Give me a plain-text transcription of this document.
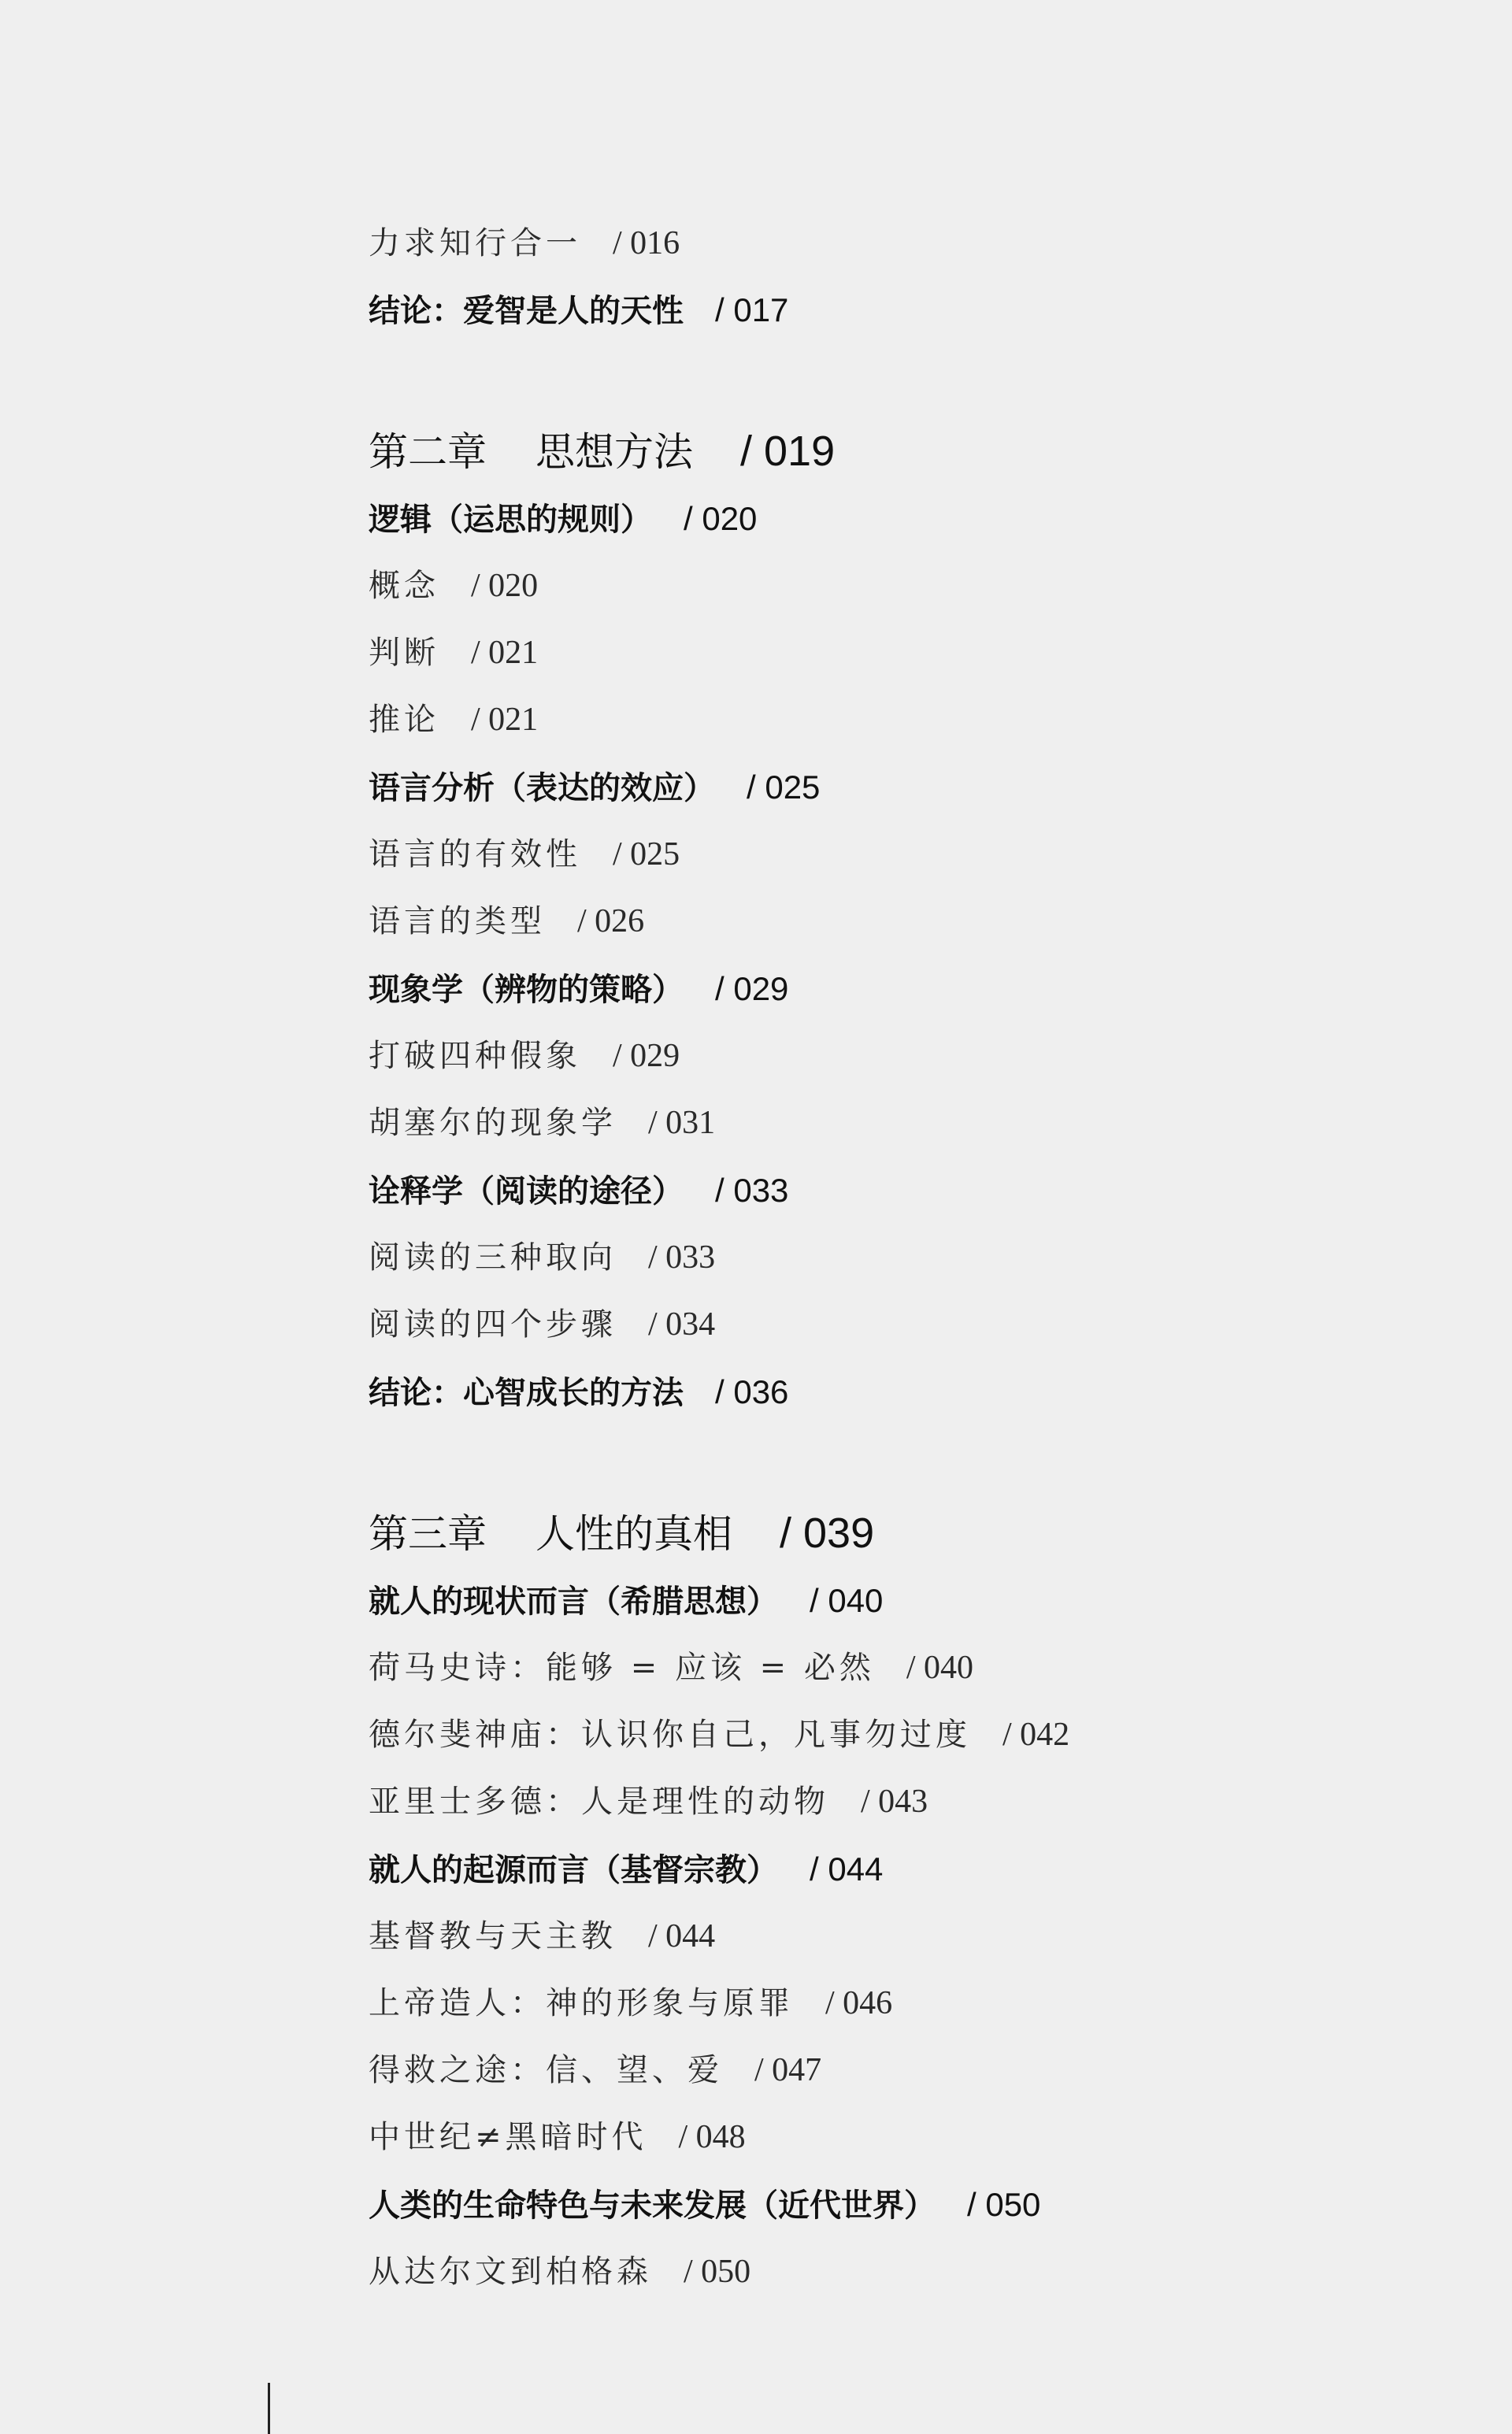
力求知行合一 / 016
结论：爱智是人的天性 / 017
第二章 思想方法 / 019
逻辑（运思的规则） / 020
概念 / 020
判断 / 021
推论 / 021
语言分析（表达的效应） / 025
语言的有效性 / 025
语言的类型 / 026
现象学（辨物的策略） / 029
打破四种假象 / 029
胡塞尔的现象学 / 031
诠释学（阅读的途径） / 033
阅读的三种取向 / 033
阅读的四个步骤 / 034
结论：心智成长的方法 / 036
第三章 人性的真相 / 039
就人的现状而言（希腊思想） / 040
荷马史诗：能够 = 应该 = 必然 / 040
德尔斐神庙：认识你自己，凡事勿过度 / 042
亚里士多德：人是理性的动物 / 043
就人的起源而言（基督宗教） / 044
基督教与天主教 / 044
上帝造人：神的形象与原罪 / 046
得救之途：信、望、爱 / 047
中世纪≠黑暗时代 / 048
人类的生命特色与未来发展（近代世界） / 050
从达尔文到柏格森 / 050
